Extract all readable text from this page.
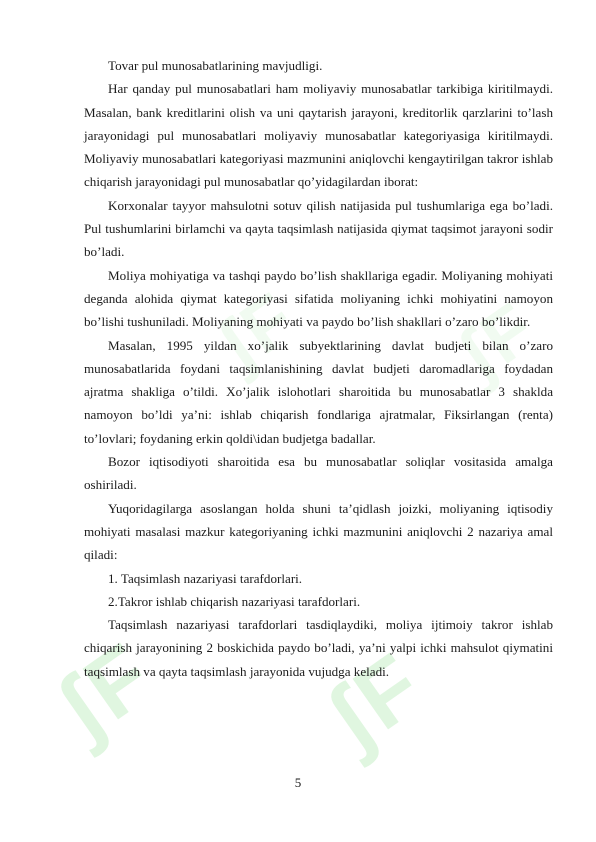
ʃF ʃF
ʃF ʃF

Tovar pul munosabatlarining mavjudligi.

Har qanday pul munosabatlari ham moliyaviy munosabatlar tarkibiga kiritilmaydi. Masalan, bank kreditlarini olish va uni qaytarish jarayoni, kreditorlik qarzlarini to’lash jarayonidagi pul munosabatlari moliyaviy munosabatlar kategoriyasiga kiritilmaydi. Moliyaviy munosabatlari kategoriyasi mazmunini aniqlovchi kengaytirilgan takror ishlab chiqarish jarayonidagi pul munosabatlar qo’yidagilardan iborat:

Korxonalar tayyor mahsulotni sotuv qilish natijasida pul tushumlariga ega bo’ladi. Pul tushumlarini birlamchi va qayta taqsimlash natijasida qiymat taqsimot jarayoni sodir bo’ladi.

Moliya mohiyatiga va tashqi paydo bo’lish shakllariga egadir. Moliyaning mohiyati deganda alohida qiymat kategoriyasi sifatida moliyaning ichki mohiyatini namoyon bo’lishi tushuniladi. Moliyaning mohiyati va paydo bo’lish shakllari o’zaro bo’likdir.

Masalan, 1995 yildan xo’jalik subyektlarining davlat budjeti bilan o’zaro munosabatlarida foydani taqsimlanishining davlat budjeti daromadlariga foydadan ajratma shakliga o’tildi. Xo’jalik islohotlari sharoitida bu munosabatlar 3 shaklda namoyon bo’ldi ya’ni: ishlab chiqarish fondlariga ajratmalar, Fiksirlangan (renta) to’lovlari; foydaning erkin qoldi\idan budjetga badallar.

Bozor iqtisodiyoti sharoitida esa bu munosabatlar soliqlar vositasida amalga oshiriladi.

Yuqoridagilarga asoslangan holda shuni ta’qidlash joizki, moliyaning iqtisodiy mohiyati masalasi mazkur kategoriyaning ichki mazmunini aniqlovchi 2 nazariya amal qiladi:

1. Taqsimlash nazariyasi tarafdorlari.

2.Takror ishlab chiqarish nazariyasi tarafdorlari.

Taqsimlash nazariyasi tarafdorlari tasdiqlaydiki, moliya ijtimoiy takror ishlab chiqarish jarayonining 2 boskichida paydo bo’ladi, ya’ni yalpi ichki mahsulot qiymatini taqsimlash va qayta taqsimlash jarayonida vujudga keladi.

5
